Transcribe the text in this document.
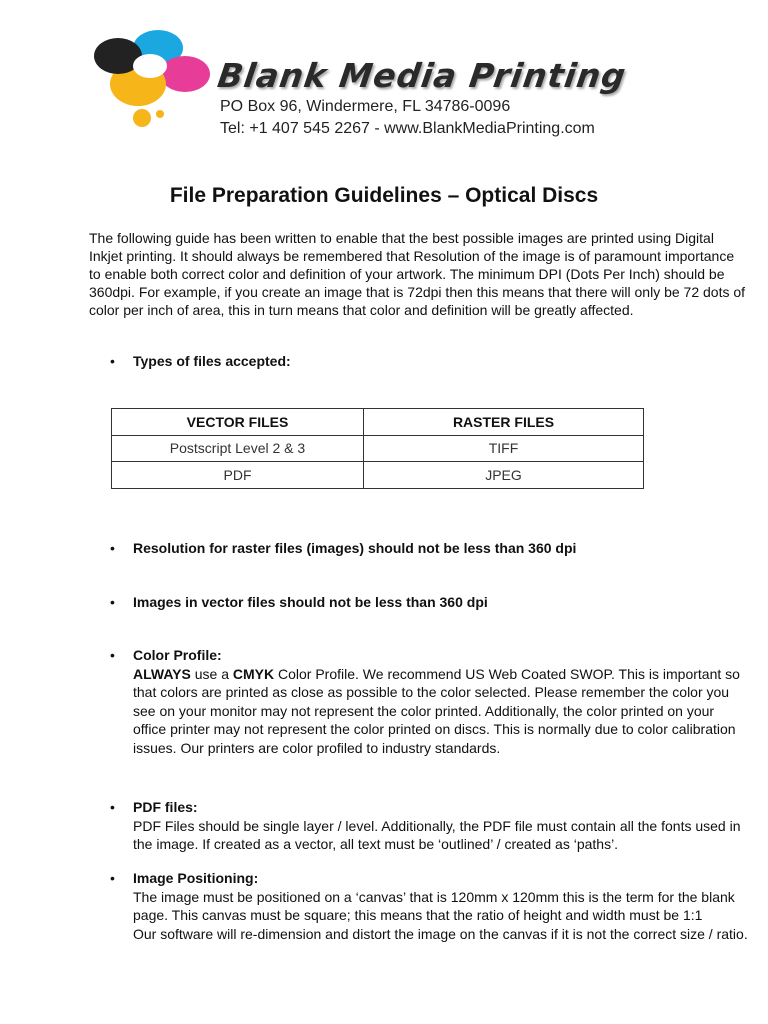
Blank Media Printing
PO Box 96, Windermere, FL 34786-0096
Tel: +1 407 545 2267 - www.BlankMediaPrinting.com
File Preparation Guidelines – Optical Discs

The following guide has been written to enable that the best possible images are printed using Digital Inkjet printing. It should always be remembered that Resolution of the image is of paramount importance to enable both correct color and definition of your artwork. The minimum DPI (Dots Per Inch) should be 360dpi. For example, if you create an image that is 72dpi then this means that there will only be 72 dots of color per inch of area, this in turn means that color and definition will be greatly affected.

• Types of files accepted:
VECTOR FILES	RASTER FILES
Postscript Level 2 & 3	TIFF
PDF	JPEG
• Resolution for raster files (images) should not be less than 360 dpi
• Images in vector files should not be less than 360 dpi
• Color Profile:
ALWAYS use a CMYK Color Profile. We recommend US Web Coated SWOP. This is important so that colors are printed as close as possible to the color selected. Please remember the color you see on your monitor may not represent the color printed. Additionally, the color printed on your office printer may not represent the color printed on discs. This is normally due to color calibration issues. Our printers are color profiled to industry standards.
• PDF files:
PDF Files should be single layer / level. Additionally, the PDF file must contain all the fonts used in the image. If created as a vector, all text must be ‘outlined’ / created as ‘paths’.
• Image Positioning:
The image must be positioned on a ‘canvas’ that is 120mm x 120mm this is the term for the blank page. This canvas must be square; this means that the ratio of height and width must be 1:1
Our software will re-dimension and distort the image on the canvas if it is not the correct size / ratio.
